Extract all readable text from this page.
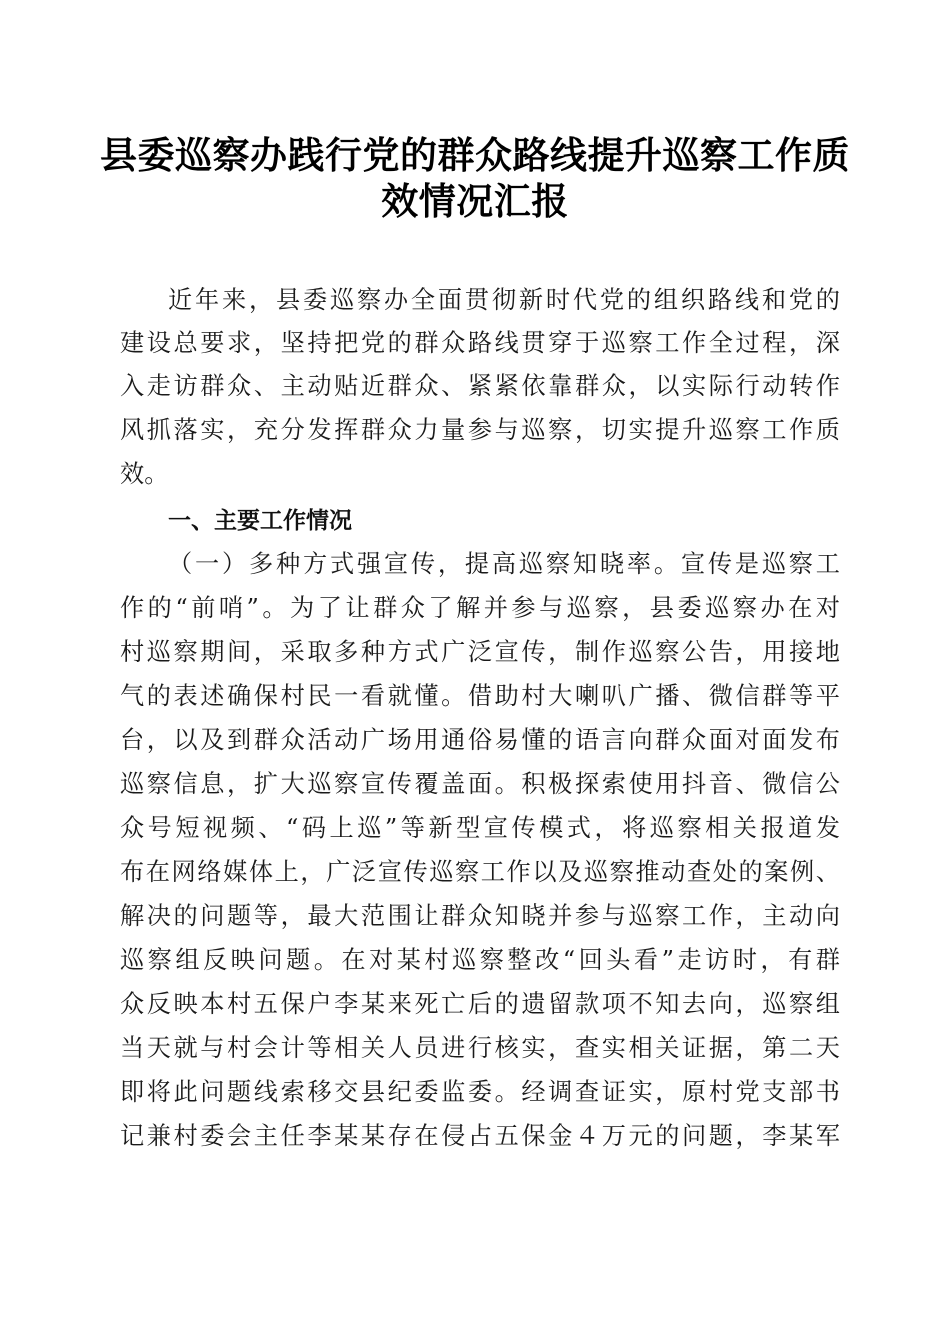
县委巡察办践行党的群众路线提升巡察工作质
效情况汇报
近年来，县委巡察办全面贯彻新时代党的组织路线和党的
建设总要求，坚持把党的群众路线贯穿于巡察工作全过程，深
入走访群众、主动贴近群众、紧紧依靠群众，以实际行动转作
风抓落实，充分发挥群众力量参与巡察，切实提升巡察工作质
效。
一、主要工作情况
（一）多种方式强宣传，提高巡察知晓率。宣传是巡察工
作的“前哨”。为了让群众了解并参与巡察，县委巡察办在对
村巡察期间，采取多种方式广泛宣传，制作巡察公告，用接地
气的表述确保村民一看就懂。借助村大喇叭广播、微信群等平
台，以及到群众活动广场用通俗易懂的语言向群众面对面发布
巡察信息，扩大巡察宣传覆盖面。积极探索使用抖音、微信公
众号短视频、“码上巡”等新型宣传模式，将巡察相关报道发
布在网络媒体上，广泛宣传巡察工作以及巡察推动查处的案例、
解决的问题等，最大范围让群众知晓并参与巡察工作，主动向
巡察组反映问题。在对某村巡察整改“回头看”走访时，有群
众反映本村五保户李某来死亡后的遗留款项不知去向，巡察组
当天就与村会计等相关人员进行核实，查实相关证据，第二天
即将此问题线索移交县纪委监委。经调查证实，原村党支部书
记兼村委会主任李某某存在侵占五保金４万元的问题，李某军
